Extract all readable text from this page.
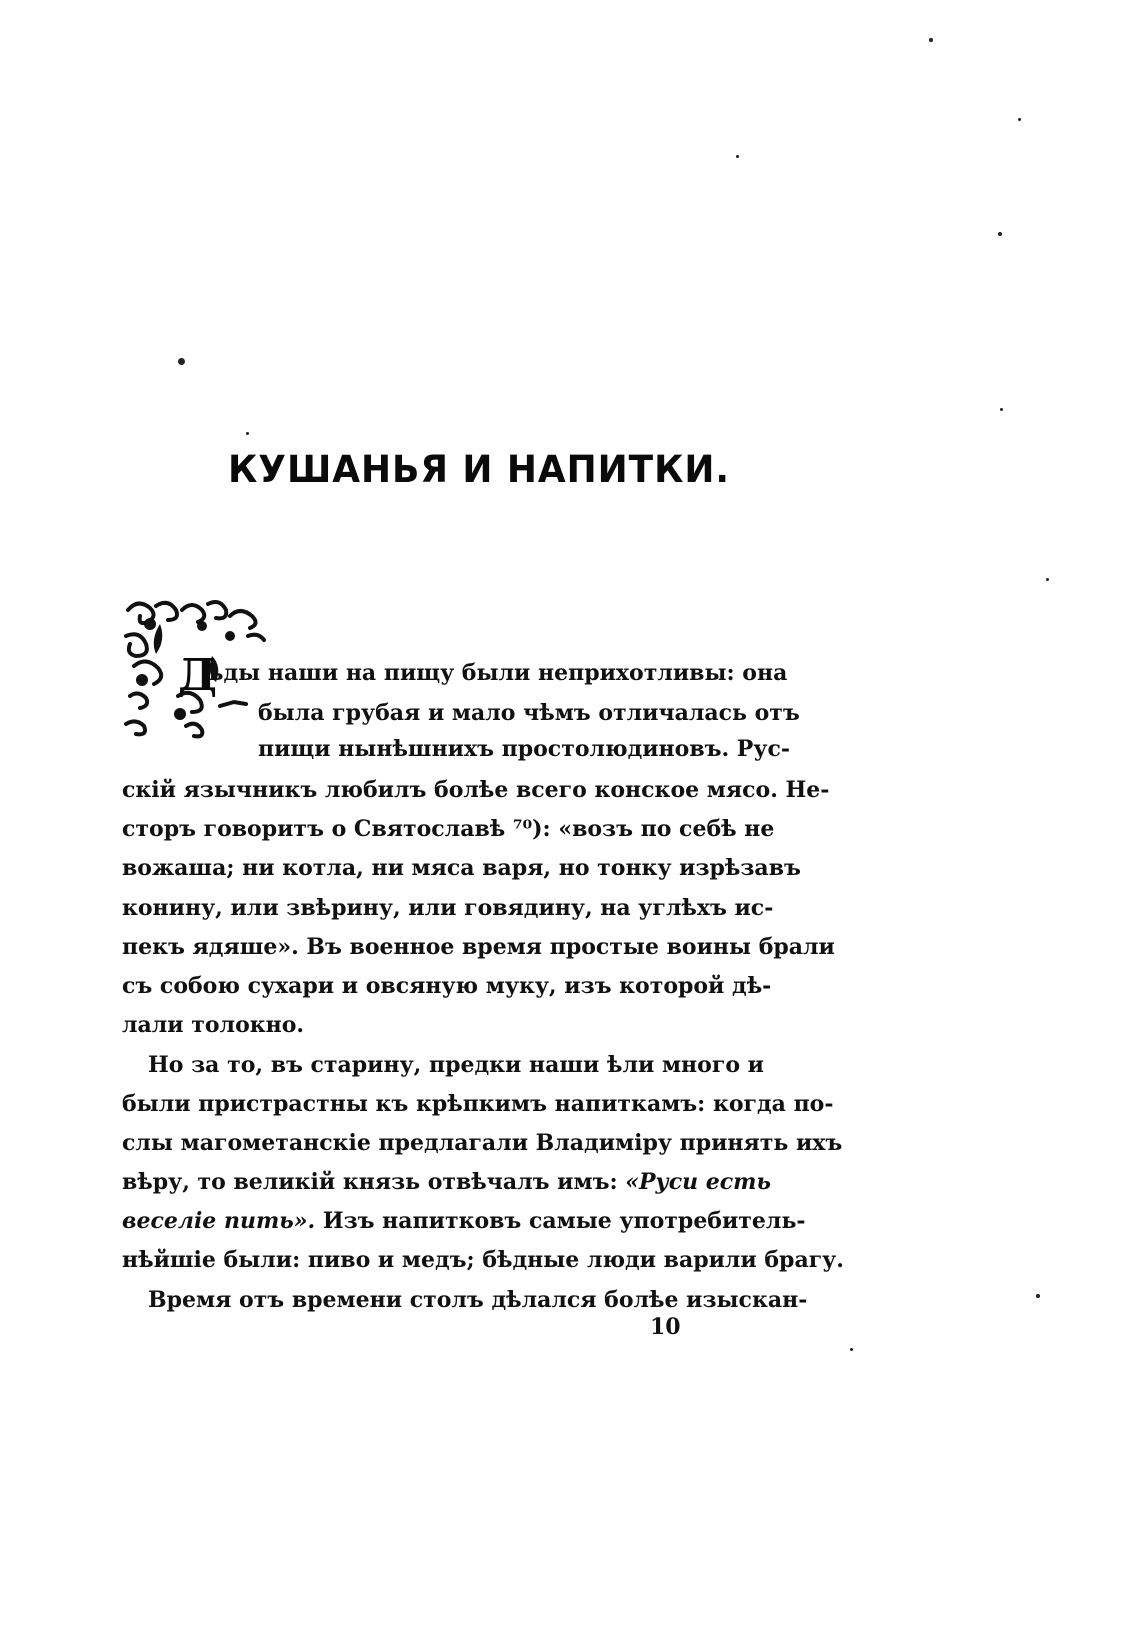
КУШАНЬЯ И НАПИТКИ.
Д
ѣды наши на пищу были неприхотливы: она
была грубая и мало чѣмъ отличалась отъ
пищи нынѣшнихъ простолюдиновъ. Рус-
скій язычникъ любилъ болѣе всего конское мясо. Не-
сторъ говоритъ о Святославѣ ⁷⁰): «возъ по себѣ не
вожаша; ни котла, ни мяса варя, но тонку изрѣзавъ
конину, или звѣрину, или говядину, на углѣхъ ис-
пекъ ядяше». Въ военное время простые воины брали
съ собою сухари и овсяную муку, изъ которой дѣ-
лали толокно.
Но за то, въ старину, предки наши ѣли много и
были пристрастны къ крѣпкимъ напиткамъ: когда по-
слы магометанскіе предлагали Владиміру принять ихъ
вѣру, то великій князь отвѣчалъ имъ: «Руси есть
веселіе пить». Изъ напитковъ самые употребитель-
нѣйшіе были: пиво и медъ; бѣдные люди варили брагу.
Время отъ времени столъ дѣлался болѣе изыскан-
10
